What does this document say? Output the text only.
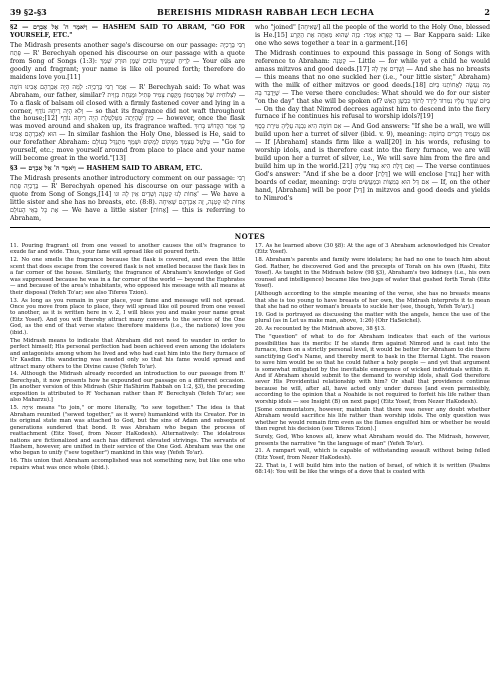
39 §2-§3	BEREISHIS MIDRASH RABBAH LECH LECHA	2

§2 — וַיֹּאמֶר ה' אֶל אַבְרָם — HASHEM SAID TO ABRAM, "GO FOR YOURSELF, ETC."

The Midrash presents another sage's discourse on our passage: רַבִּי בֶּרֶכְיָה פָּתַח — R' Berechyah opened his discourse on our passage with a quote from Song of Songs (1:3): לְרֵיחַ שְׁמָנֶיךָ טוֹבִים שֶׁמֶן תּוּרַק שְׁמֶךָ — Your oils are goodly and fragrant; your name is like oil poured forth; therefore do maidens love you.[11]

אָמַר רַבִּי בֶּרֶכְיָה: לְמָה הָיָה אַבְרָהָם אָבִינוּ דּוֹמֶה — R' Berechyah said: To what was Abraham, our father, similar? לִצְלוֹחִית שֶׁל אֲפַרְסְמוֹן מֻקֶּפֶת צָמִיד פָּתִיל וּמֻנַּחַת בְּזָוִית — To a flask of balsam oil closed with a firmly fastened cover and lying in a corner, וְלֹא הָיָה רֵיחָהּ נוֹדֵף — so that its fragrance did not waft throughout the house;[12] כֵּיוָן שֶׁהָיְתָה מִטַּלְטֶלֶת הָיָה רֵיחָהּ נוֹדֵף — however, once the flask was moved around and shaken up, its fragrance wafted. כָּךְ אָמַר הַקָּדוֹשׁ בָּרוּךְ הוּא לְאַבְרָהָם אָבִינוּ — In similar fashion the Holy One, blessed is He, said to our forefather Abraham: טַלְטֵל עַצְמְךָ מִמָּקוֹם לְמָקוֹם וּשְׁמְךָ מִתְגַּדֵּל בָּעוֹלָם — "Go for yourself, etc.; move yourself around from place to place and your name will become great in the world."[13]

§3 — וַיֹּאמֶר ה' אֶל אַבְרָם — HASHEM SAID TO ABRAM, ETC.

The Midrash presents another introductory comment on our passage: רַבִּי בֶּרֶכְיָה פָּתַח — R' Berechyah opened his discourse on our passage with a quote from Song of Songs,[14] אָחוֹת לָנוּ קְטַנָּה וְשָׁדַיִם אֵין לָהּ וגו' — We have a little sister and she has no breasts, etc. (8:8). אָחוֹת לָנוּ קְטַנָּה, זֶה אַבְרָהָם שֶׁאִיחָה אֶת כָּל בָּאֵי הָעוֹלָם — We have a little sister [אָחוֹת] — this is referring to Abraham,

who "joined" [שֶׁאִיחָה] all the people of the world to the Holy One, blessed is He.[15] בַּר קַפָּרָא אָמַר: כְּזֶה שֶׁהוּא מְאַחֶה אֶת הַקְּרָע — Bar Kappara said: Like one who sews together a tear in a garment.[16]

The Midrash continues to expound this passage in Song of Songs with reference to Abraham: קְטַנָּה — Little — for while yet a child he would amass mitzvos and good deeds.[17] וְשָׁדַיִם אֵין לָהּ — And she has no breasts — this means that no one suckled her (i.e., "our little sister," Abraham) with the milk of either mitzvos or good deeds.[18] מַה נַּעֲשֶׂה לַאֲחוֹתֵנוּ בַּיּוֹם שֶׁיְּדֻבַּר בָּהּ — The verse there concludes: What should we do for our sister "on the day" that she will be spoken of? בַּיּוֹם שֶׁגָּזַר עָלָיו נִמְרוֹד לֵירֵד לְתוֹךְ כִּבְשַׁן הָאֵשׁ — On the day that Nimrod decrees against him to descend into the fiery furnace if he continues his refusal to worship idols?[19]

אִם חוֹמָה הִיא נִבְנֶה עָלֶיהָ טִירַת כָּסֶף — And God answers: "If she be a wall, we will build upon her a turret of silver (ibid. v. 9), meaning: אִם מַעֲמִיד דְּבָרִים כְּחוֹמָה — If [Abraham] stands firm like a wall[20] in his words, refusing to worship idols, and is therefore cast into the fiery furnace, we are will build upon her a turret of silver, i.e., We will save him from the fire and build him up in the world.[21] וְאִם דֶּלֶת הִיא נָצוּר עָלֶיהָ — The verse continues God's answer: "And if she be a door [דֶּלֶת] we will enclose [נָצוּר] her with boards of cedar, meaning: אִם דַּל הוּא בְּמִצְוֹת וּבְמַעֲשִׂים טוֹבִים — If, on the other hand, [Abraham] will be poor [דַּל] in mitzvos and good deeds and yields to Nimrod's

NOTES

11. Pouring fragrant oil from one vessel to another causes the oil's fragrance to exude far and wide. Thus, your fame will spread like oil poured forth.

12. No one smells the fragrance because the flask is covered, and even the little scent that does escape from the covered flask is not smelled because the flask lies in a far corner of the house. Similarly, the fragrance of Abraham's knowledge of God was suppressed because he was in a far corner of the world — beyond the Euphrates — and because of the area's inhabitants, who opposed his message with all means at their disposal (Yefeh To'ar; see also Tiferes Tzion).

13. As long as you remain in your place, your fame and message will not spread. Once you move from place to place, they will spread like oil poured from one vessel to another, as it is written here in v. 2, I will bless you and make your name great (Eitz Yosef). And you will thereby attract many converts to the service of the One God, as the end of that verse states: therefore maidens (i.e., the nations) love you (ibid.).

The Midrash means to indicate that Abraham did not need to wander in order to perfect himself; His personal perfection had been achieved even among the idolaters and antagonists among whom he lived and who had cast him into the fiery furnace of Ur Kasdim. His wandering was needed only so that his fame would spread and attract many others to the Divine cause (Yefeh To'ar).

14. Although the Midrash already recorded an introduction to our passage from R' Berechyah, it now presents how he expounded our passage on a different occasion. [In another version of this Midrash (Shir HaShirim Rabbah on 1:2, §3), the preceding exposition is attributed to R' Yochanan rather than R' Berechyah (Yefeh To'ar; see also Maharzu).]

15. אִיחָה means "to join," or more literally, "to sew together." The idea is that Abraham reunited ("sewed together," as it were) humankind with its Creator. For in its original state man was attached to God, but the sins of Adam and subsequent generations sundered that bond. It was Abraham who began the process of reattachment (Eitz Yosef, from Nezer HaKodesh). Alternatively: The idolatrous nations are fictionalized and each has different elevated strivings. The servants of Hashem, however, are unified in their service of the One God. Abraham was the one who began to unify ("sew together") mankind in this way (Yefeh To'ar).

16. This union that Abraham accomplished was not something new, but like one who repairs what was once whole (ibid.).

17. As he learned above (30 §8): At the age of 3 Abraham acknowledged his Creator (Eitz Yosef).

18. Abraham's parents and family were idolaters; he had no one to teach him about God. Rather, he discovered God and the precepts of Torah on his own (Rashi, Eitz Yosef). As taught in the Midrash below (98 §3), Abraham's two kidneys (i.e., his own counsel and intelligence) became like two jugs of water that gushed forth Torah (Eitz Yosef).

[Although according to the simple meaning of the verse, she has no breasts means that she is too young to have breasts of her own, the Midrash interprets it to mean that she had no other woman's breasts to suckle her (see, though, Yefeh To'ar).]

19. God is portrayed as discussing the matter with the angels, hence the use of the plural (as in Let us make man, above, 1:26) (Ohr HaSeichel).

20. As recounted by the Midrash above, 38 §13.

The "question" of what to do for Abraham indicates that each of the various possibilities has its merits: If he stands firm against Nimrod and is cast into the furnace, then on a strictly personal level, it would be better for Abraham to die there sanctifying God's Name, and thereby merit to bask in the Eternal Light. The reason to save him would be so that he could father a holy people — and yet that argument is somewhat mitigated by the inevitable emergence of wicked individuals within it. And if Abraham should submit to the demand to worship idols, shall God therefore sever His Providential relationship with him? Or shall that providence continue because he will, after all, have acted only under duress [and even permissibly, according to the opinion that a Noahide is not required to forfeit his life rather than worship idols — see Insight (B) on next page] (Eitz Yosef, from Nezer HaKodesh).

[Some commentators, however, maintain that there was never any doubt whether Abraham would sacrifice his life rather than worship idols. The only question was whether he would remain firm even as the flames engulfed him or whether he would then regret his decision (see Tiferes Tzion).]

Surely, God, Who knows all, knew what Abraham would do. The Midrash, however, presents the narrative "in the language of man" (Yefeh To'ar).

21. A rampart wall, which is capable of withstanding assault without being felled (Eitz Yosef, from Nezer HaKodesh).

22. That is, I will build him into the nation of Israel, of which it is written (Psalms 68:14): You will be like the wings of a dove that is coated with
